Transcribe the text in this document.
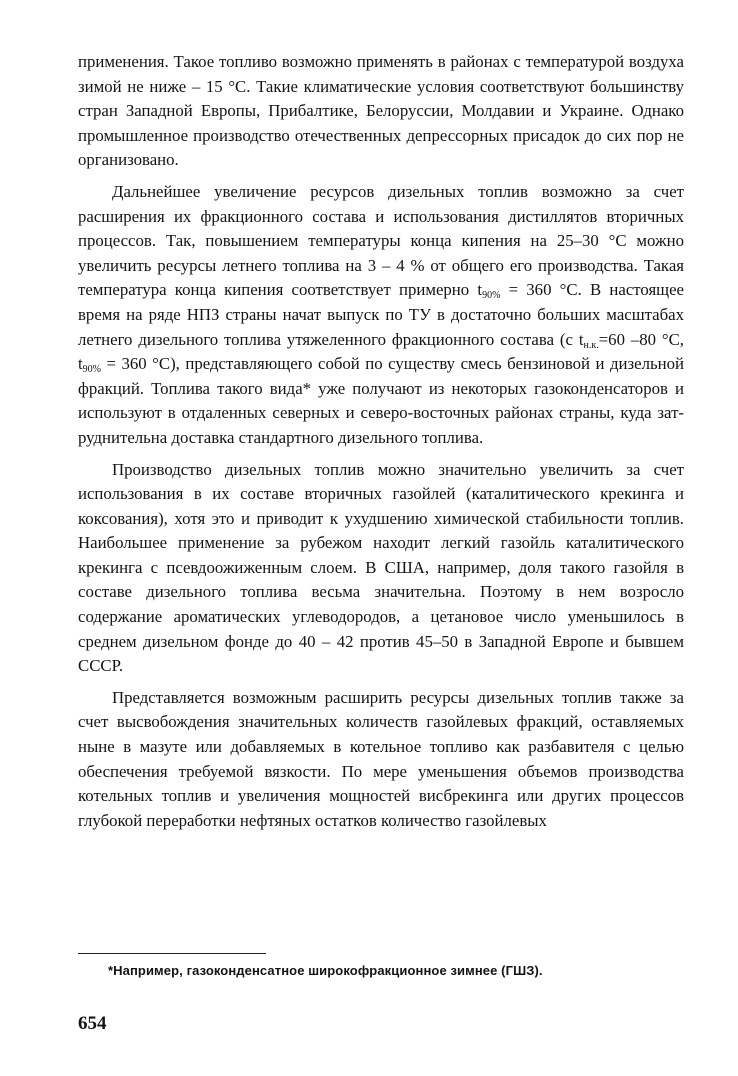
применения. Такое топливо возможно применять в районах с температурой воздуха зимой не ниже – 15 °С. Такие климатические условия соответствуют большинству стран Западной Европы, Прибалтике, Белоруссии, Молдавии и Украине. Однако промышленное производство отечественных депрессорных присадок до сих пор не организовано.

Дальнейшее увеличение ресурсов дизельных топлив возможно за счет расширения их фракционного состава и использования дистиллятов вторичных процессов. Так, повышением температуры конца кипения на 25–30 °С можно увеличить ресурсы летнего топлива на 3 – 4 % от общего его производства. Такая температура конца кипения соответствует примерно $t_{90\%} = 360$ °С. В настоящее время на ряде НПЗ страны начат выпуск по ТУ в достаточно больших масштабах летнего дизельного топлива утяжеленного фракционного состава (с $t_{н.к.}=60$ –80 °С, $t_{90\%} = 360$ °С), представляющего собой по существу смесь бензиновой и дизельной фракций. Топлива такого вида* уже получают из некоторых газоконденсаторов и используют в отдаленных северных и северо-восточных районах страны, куда затруднительна доставка стандартного дизельного топлива.

Производство дизельных топлив можно значительно увеличить за счет использования в их составе вторичных газойлей (каталитического крекинга и коксования), хотя это и приводит к ухудшению химической стабильности топлив. Наибольшее применение за рубежом находит легкий газойль каталитического крекинга с псевдоожиженным слоем. В США, например, доля такого газойля в составе дизельного топлива весьма значительна. Поэтому в нем возросло содержание ароматических углеводородов, а цетановое число уменьшилось в среднем дизельном фонде до 40 – 42 против 45–50 в Западной Европе и бывшем СССР.

Представляется возможным расширить ресурсы дизельных топлив также за счет высвобождения значительных количеств газойлевых фракций, оставляемых ныне в мазуте или добавляемых в котельное топливо как разбавителя с целью обеспечения требуемой вязкости. По мере уменьшения объемов производства котельных топлив и увеличения мощностей висбрекинга или других процессов глубокой переработки нефтяных остатков количество газойлевых

*Например, газоконденсатное широкофракционное зимнее (ГШЗ).
654
